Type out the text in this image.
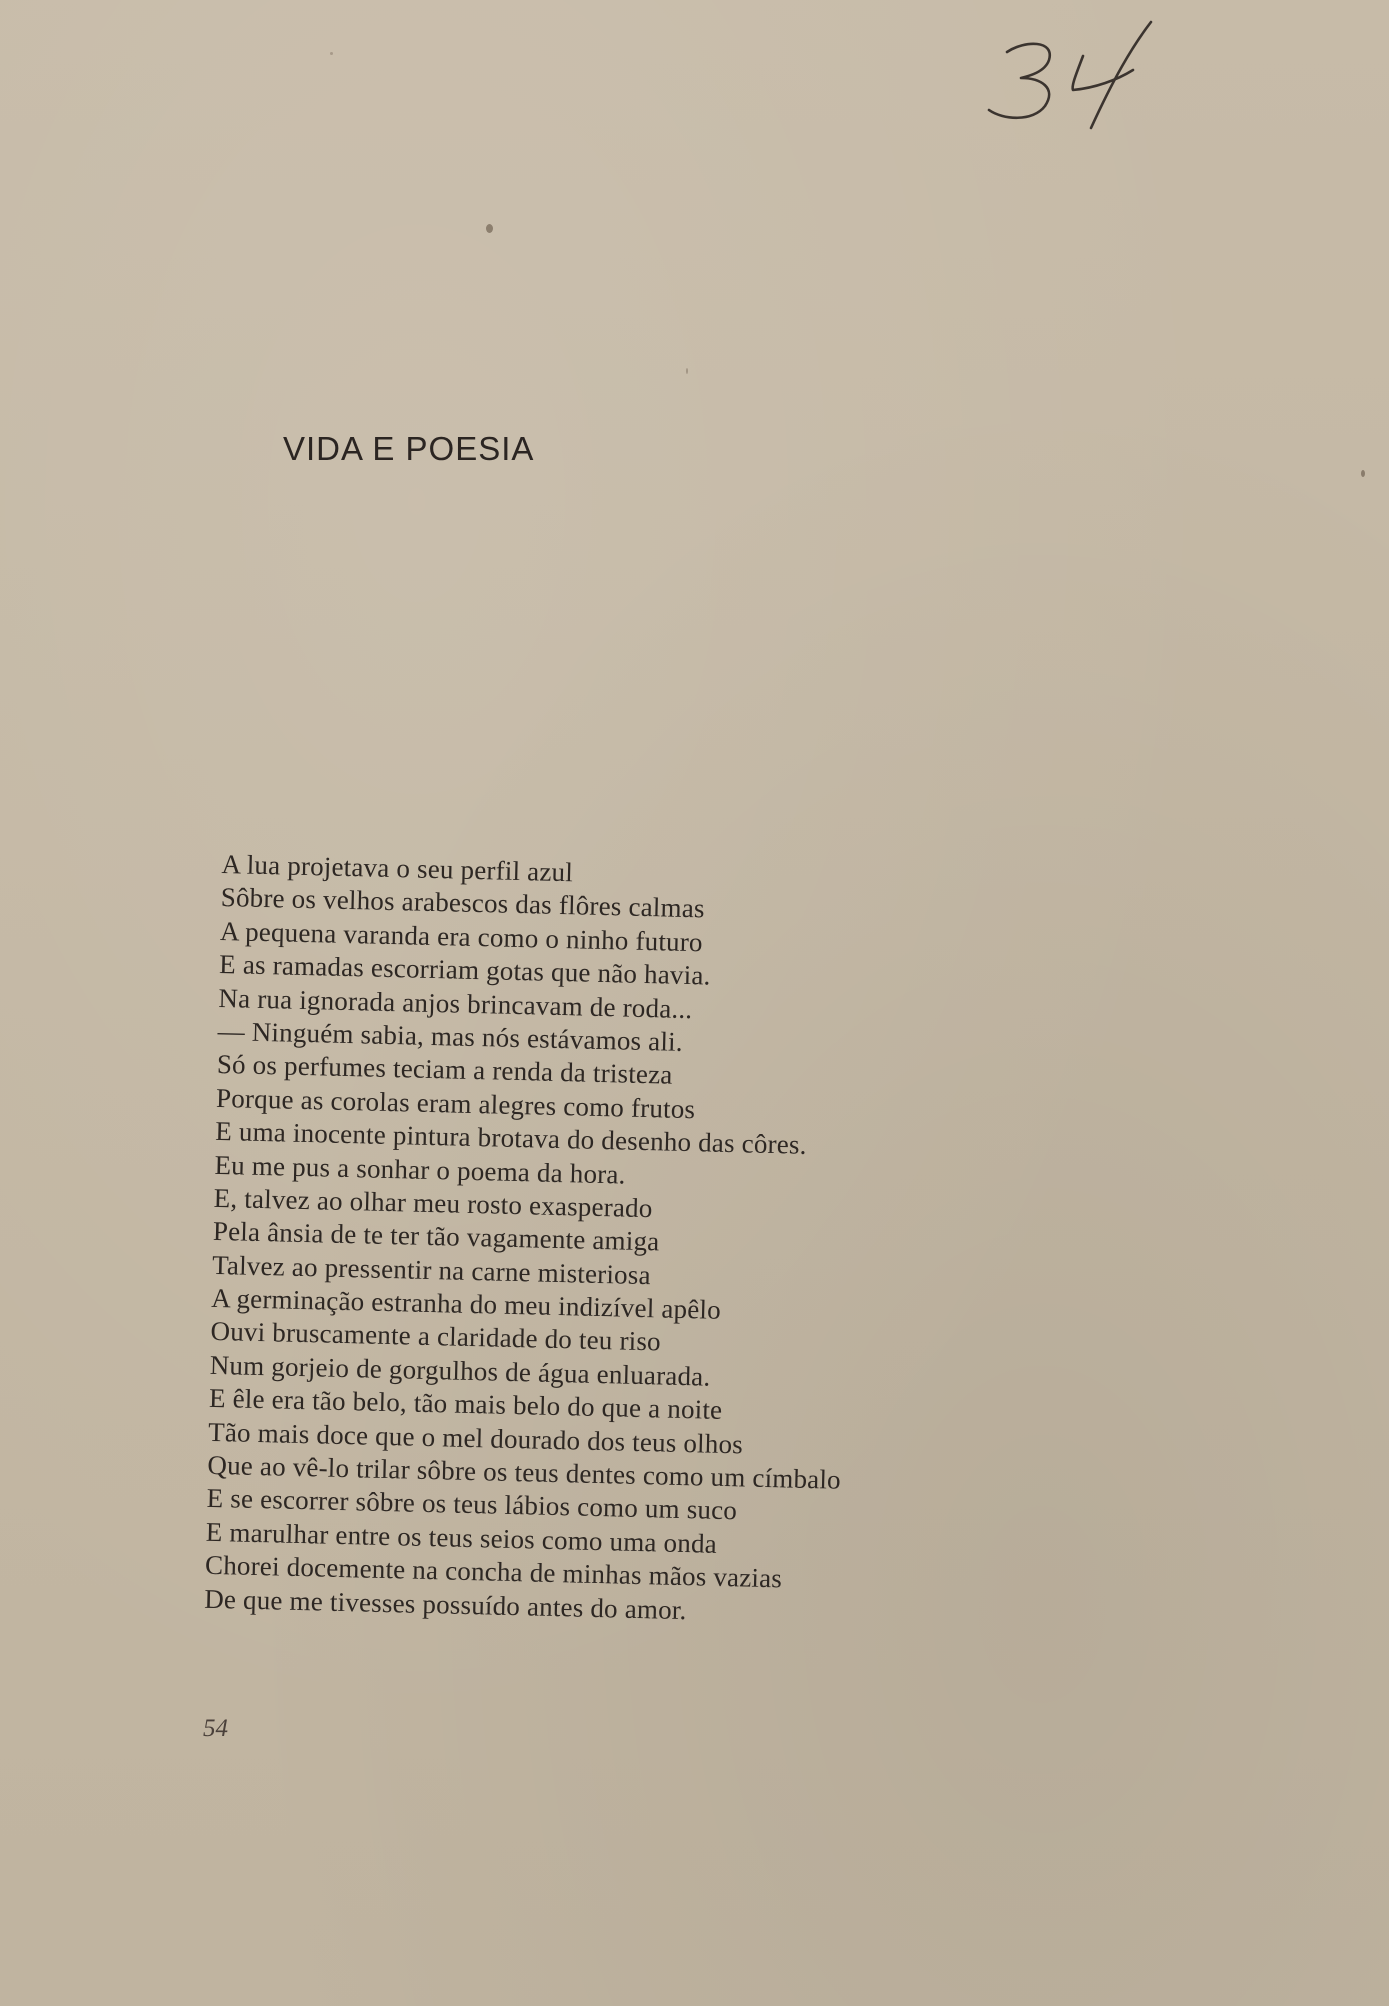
VIDA E POESIA
A lua projetava o seu perfil azul
Sôbre os velhos arabescos das flôres calmas
A pequena varanda era como o ninho futuro
E as ramadas escorriam gotas que não havia.
Na rua ignorada anjos brincavam de roda...
— Ninguém sabia, mas nós estávamos ali.
Só os perfumes teciam a renda da tristeza
Porque as corolas eram alegres como frutos
E uma inocente pintura brotava do desenho das côres.
Eu me pus a sonhar o poema da hora.
E, talvez ao olhar meu rosto exasperado
Pela ânsia de te ter tão vagamente amiga
Talvez ao pressentir na carne misteriosa
A germinação estranha do meu indizível apêlo
Ouvi bruscamente a claridade do teu riso
Num gorjeio de gorgulhos de água enluarada.
E êle era tão belo, tão mais belo do que a noite
Tão mais doce que o mel dourado dos teus olhos
Que ao vê-lo trilar sôbre os teus dentes como um címbalo
E se escorrer sôbre os teus lábios como um suco
E marulhar entre os teus seios como uma onda
Chorei docemente na concha de minhas mãos vazias
De que me tivesses possuído antes do amor.
54
